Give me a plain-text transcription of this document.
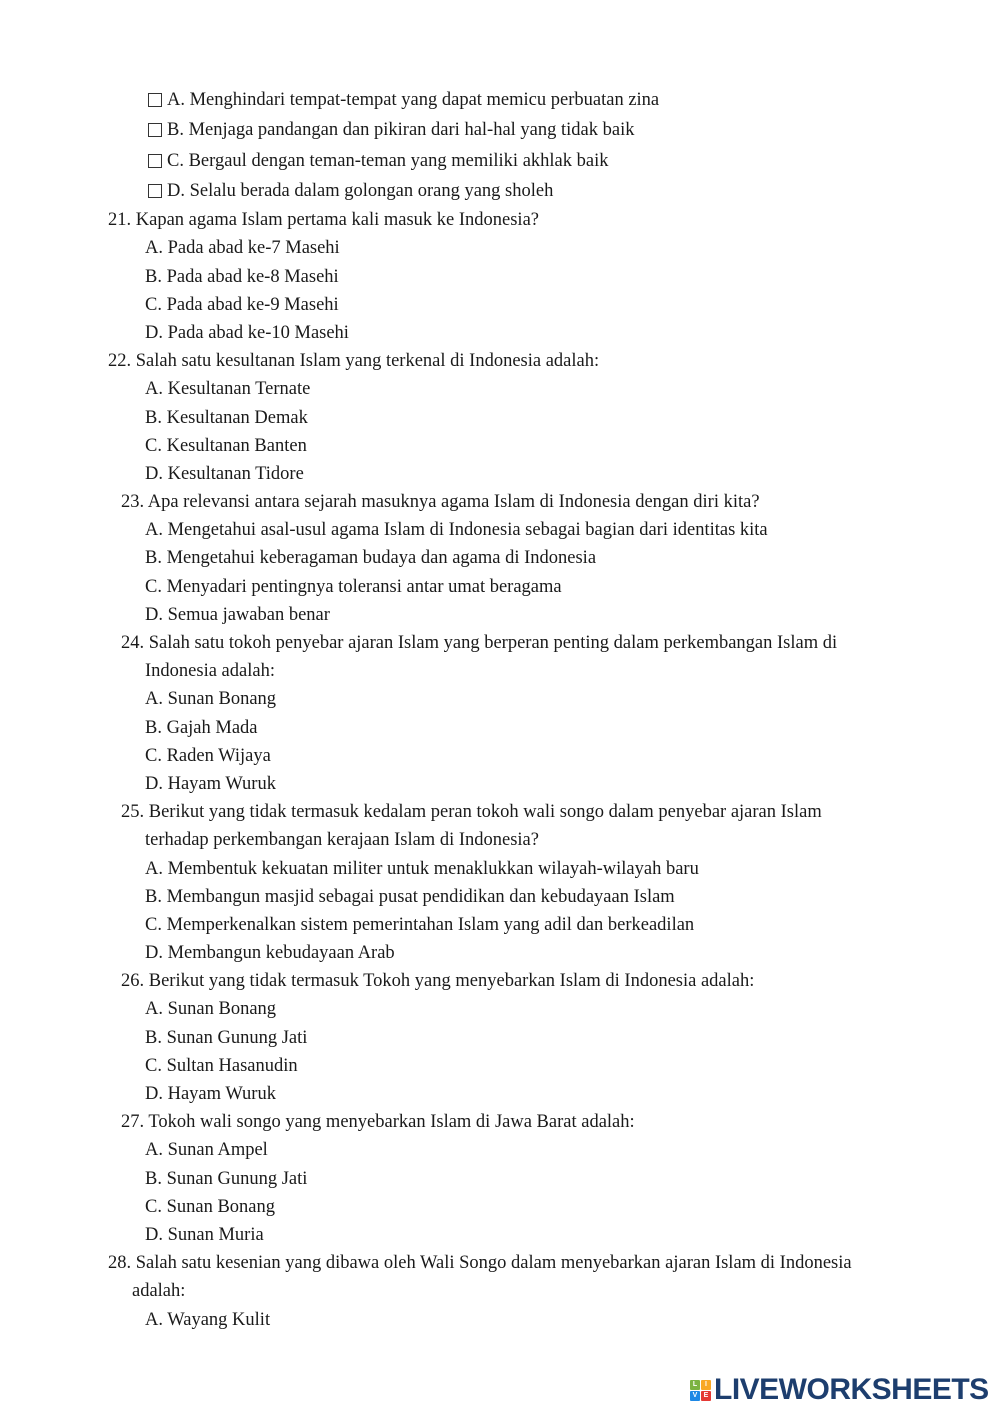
A. Menghindari tempat-tempat yang dapat memicu perbuatan zina
B. Menjaga pandangan dan pikiran dari hal-hal yang tidak baik
C. Bergaul dengan teman-teman yang memiliki akhlak baik
D. Selalu berada dalam golongan orang yang sholeh
21. Kapan agama Islam pertama kali masuk ke Indonesia?
A. Pada abad ke-7 Masehi
B. Pada abad ke-8 Masehi
C. Pada abad ke-9 Masehi
D. Pada abad ke-10 Masehi
22. Salah satu kesultanan Islam yang terkenal di Indonesia adalah:
A. Kesultanan Ternate
B. Kesultanan Demak
C. Kesultanan Banten
D. Kesultanan Tidore
23. Apa relevansi antara sejarah masuknya agama Islam di Indonesia dengan diri kita?
A. Mengetahui asal-usul agama Islam di Indonesia sebagai bagian dari identitas kita
B. Mengetahui keberagaman budaya dan agama di Indonesia
C. Menyadari pentingnya toleransi antar umat beragama
D. Semua jawaban benar
24. Salah satu tokoh penyebar ajaran Islam yang berperan penting dalam perkembangan Islam di
Indonesia adalah:
A. Sunan Bonang
B. Gajah Mada
C. Raden Wijaya
D. Hayam Wuruk
25. Berikut yang tidak termasuk kedalam peran tokoh wali songo dalam penyebar ajaran Islam
terhadap perkembangan kerajaan Islam di Indonesia?
A. Membentuk kekuatan militer untuk menaklukkan wilayah-wilayah baru
B. Membangun masjid sebagai pusat pendidikan dan kebudayaan Islam
C. Memperkenalkan sistem pemerintahan Islam yang adil dan berkeadilan
D. Membangun kebudayaan Arab
26. Berikut yang tidak termasuk Tokoh yang menyebarkan Islam di Indonesia adalah:
A. Sunan Bonang
B. Sunan Gunung Jati
C. Sultan Hasanudin
D. Hayam Wuruk
27. Tokoh wali songo yang menyebarkan Islam di Jawa Barat adalah:
A. Sunan Ampel
B. Sunan Gunung Jati
C. Sunan Bonang
D. Sunan Muria
28. Salah satu kesenian yang dibawa oleh Wali Songo dalam menyebarkan ajaran Islam di Indonesia
adalah:
A. Wayang Kulit
L	I
V E LIVEWORKSHEETS
